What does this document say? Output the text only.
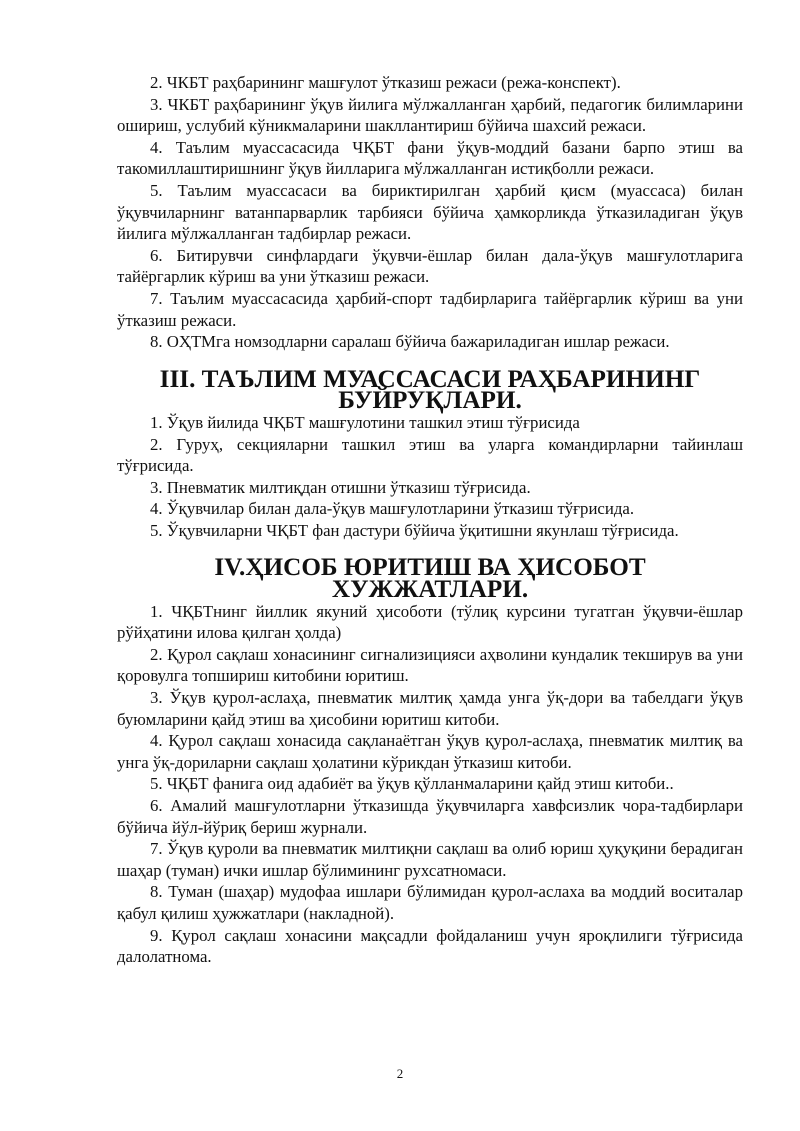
2. ЧКБТ раҳбарининг машғулот ўтказиш режаси (режа-конспект).

3. ЧКБТ раҳбарининг ўқув йилига мўлжалланган ҳарбий, педагогик билимларини ошириш, услубий кўникмаларини шакллантириш бўйича шахсий режаси.

4. Таълим муассасасида ЧҚБТ фани ўқув-моддий базани барпо этиш ва такомиллаштиришнинг ўқув йилларига мўлжалланган истиқболли режаси.

5. Таълим муассасаси ва бириктирилган ҳарбий қисм (муассаса) билан ўқувчиларнинг ватанпарварлик тарбияси бўйича ҳамкорликда ўтказиладиган ўқув йилига мўлжалланган тадбирлар режаси.

6. Битирувчи синфлардаги ўқувчи-ёшлар билан дала-ўқув машғулотларига тайёргарлик кўриш ва уни ўтказиш режаси.

7. Таълим муассасасида ҳарбий-спорт тадбирларига тайёргарлик кўриш ва уни ўтказиш режаси.

8. ОҲТМга номзодларни саралаш бўйича бажариладиган ишлар режаси.

III. ТАЪЛИМ МУАССАСАСИ РАҲБАРИНИНГ БУЙРУҚЛАРИ.

1. Ўқув йилида ЧҚБТ машғулотини ташкил этиш тўғрисида

2. Гуруҳ, секцияларни ташкил этиш ва уларга командирларни тайинлаш тўғрисида.

3. Пневматик милтиқдан отишни ўтказиш тўғрисида.

4. Ўқувчилар билан дала-ўқув машғулотларини ўтказиш тўғрисида.

5. Ўқувчиларни ЧҚБТ фан дастури бўйича ўқитишни якунлаш тўғрисида.

IV.ҲИСОБ ЮРИТИШ ВА ҲИСОБОТ ХУЖЖАТЛАРИ.

1. ЧҚБТнинг йиллик якуний ҳисоботи (тўлиқ курсини тугатган ўқувчи-ёшлар рўйҳатини илова қилган ҳолда)

2. Қурол сақлаш хонасининг сигнализицияси аҳволини кундалик текширув ва уни қоровулга топшириш китобини юритиш.

3. Ўқув қурол-аслаҳа, пневматик милтиқ ҳамда унга ўқ-дори ва табелдаги ўқув буюмларини қайд этиш ва ҳисобини юритиш китоби.

4. Қурол сақлаш хонасида сақланаётган ўқув қурол-аслаҳа, пневматик милтиқ ва унга ўқ-дориларни сақлаш ҳолатини кўрикдан ўтказиш китоби.

5. ЧҚБТ фанига оид адабиёт ва ўқув қўлланмаларини қайд этиш китоби..

6. Амалий машғулотларни ўтказишда ўқувчиларга хавфсизлик чора-тадбирлари бўйича йўл-йўриқ бериш журнали.

7. Ўқув қуроли ва пневматик милтиқни сақлаш ва олиб юриш ҳуқуқини берадиган шаҳар (туман) ички ишлар бўлимининг рухсатномаси.

8. Туман (шаҳар) мудофаа ишлари бўлимидан қурол-аслаха ва моддий воситалар қабул қилиш ҳужжатлари (накладной).

9. Қурол сақлаш хонасини мақсадли фойдаланиш учун яроқлилиги тўғрисида далолатнома.

2
